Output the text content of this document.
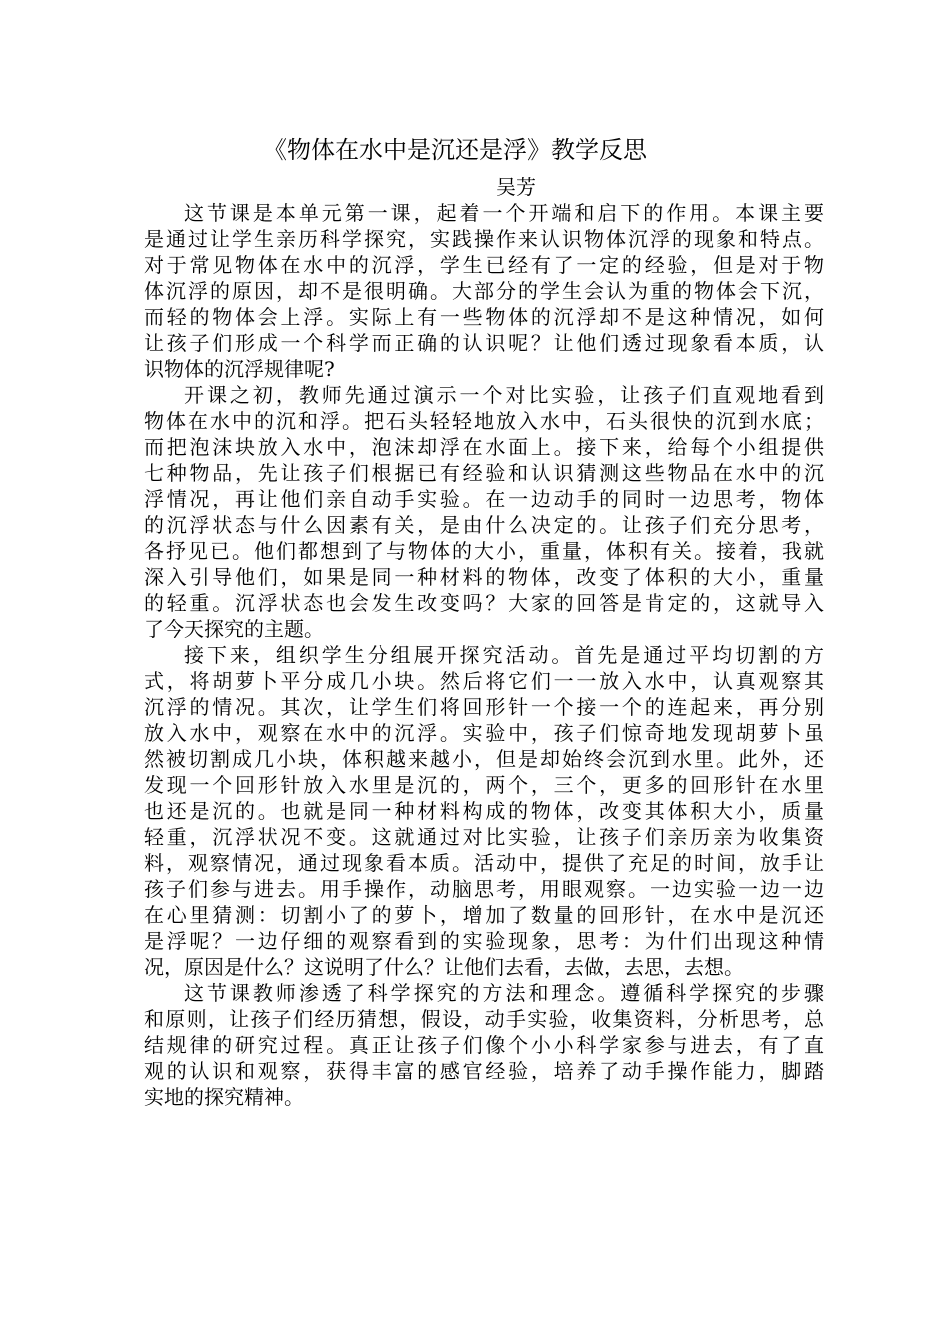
《物体在水中是沉还是浮》教学反思
吴芳
这节课是本单元第一课，起着一个开端和启下的作用。本课主要
是通过让学生亲历科学探究，实践操作来认识物体沉浮的现象和特点。
对于常见物体在水中的沉浮，学生已经有了一定的经验，但是对于物
体沉浮的原因，却不是很明确。大部分的学生会认为重的物体会下沉，
而轻的物体会上浮。实际上有一些物体的沉浮却不是这种情况，如何
让孩子们形成一个科学而正确的认识呢？让他们透过现象看本质，认
识物体的沉浮规律呢?
开课之初，教师先通过演示一个对比实验，让孩子们直观地看到
物体在水中的沉和浮。把石头轻轻地放入水中，石头很快的沉到水底；
而把泡沫块放入水中，泡沫却浮在水面上。接下来，给每个小组提供
七种物品，先让孩子们根据已有经验和认识猜测这些物品在水中的沉
浮情况，再让他们亲自动手实验。在一边动手的同时一边思考，物体
的沉浮状态与什么因素有关，是由什么决定的。让孩子们充分思考，
各抒见已。他们都想到了与物体的大小，重量，体积有关。接着，我就
深入引导他们，如果是同一种材料的物体，改变了体积的大小，重量
的轻重。沉浮状态也会发生改变吗？大家的回答是肯定的，这就导入
了今天探究的主题。
接下来，组织学生分组展开探究活动。首先是通过平均切割的方
式，将胡萝卜平分成几小块。然后将它们一一放入水中，认真观察其
沉浮的情况。其次，让学生们将回形针一个接一个的连起来，再分别
放入水中，观察在水中的沉浮。实验中，孩子们惊奇地发现胡萝卜虽
然被切割成几小块，体积越来越小，但是却始终会沉到水里。此外，还
发现一个回形针放入水里是沉的，两个，三个，更多的回形针在水里
也还是沉的。也就是同一种材料构成的物体，改变其体积大小，质量
轻重，沉浮状况不变。这就通过对比实验，让孩子们亲历亲为收集资
料，观察情况，通过现象看本质。活动中，提供了充足的时间，放手让
孩子们参与进去。用手操作，动脑思考，用眼观察。一边实验一边一边
在心里猜测：切割小了的萝卜，增加了数量的回形针，在水中是沉还
是浮呢？一边仔细的观察看到的实验现象，思考：为什们出现这种情
况，原因是什么？这说明了什么？让他们去看，去做，去思，去想。
这节课教师渗透了科学探究的方法和理念。遵循科学探究的步骤
和原则，让孩子们经历猜想，假设，动手实验，收集资料，分析思考，总
结规律的研究过程。真正让孩子们像个小小科学家参与进去，有了直
观的认识和观察，获得丰富的感官经验，培养了动手操作能力，脚踏
实地的探究精神。
